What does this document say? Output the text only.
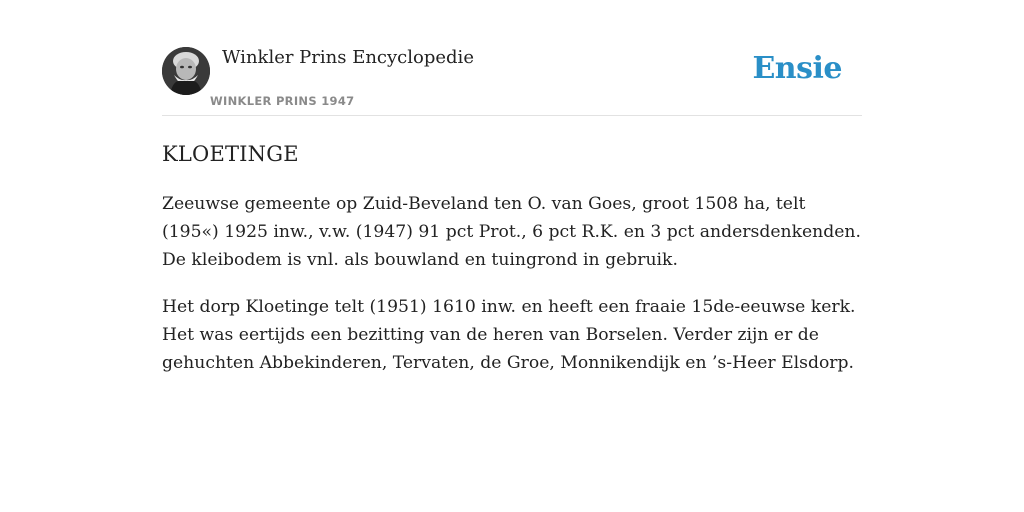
Winkler Prins Encyclopedie
WINKLER PRINS 1947
Ensie
KLOETINGE

Zeeuwse gemeente op Zuid-Beveland ten O. van Goes, groot 1508 ha, telt (195«) 1925 inw., v.w. (1947) 91 pct Prot., 6 pct R.K. en 3 pct andersdenkenden. De kleibodem is vnl. als bouwland en tuingrond in gebruik.

Het dorp Kloetinge telt (1951) 1610 inw. en heeft een fraaie 15de-eeuwse kerk. Het was eertijds een bezitting van de heren van Borselen. Verder zijn er de gehuchten Abbekinderen, Tervaten, de Groe, Monnikendijk en ’s-Heer Elsdorp.
